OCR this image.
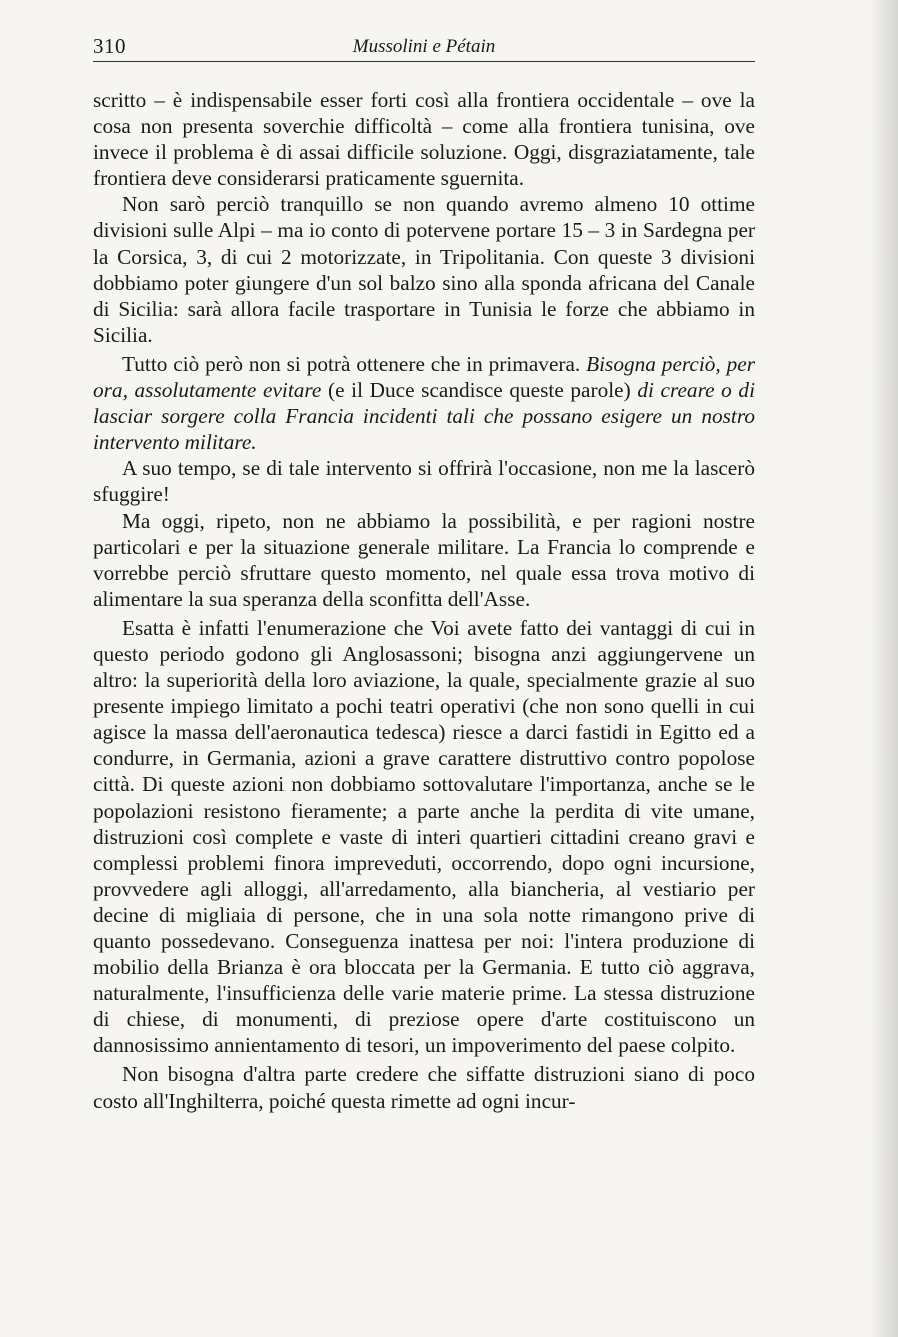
310	Mussolini e Pétain

scritto – è indispensabile esser forti così alla frontiera occidentale – ove la cosa non presenta soverchie difficoltà – come alla frontiera tunisina, ove invece il problema è di assai difficile soluzione. Oggi, disgraziatamente, tale frontiera deve considerarsi praticamente sguernita.

Non sarò perciò tranquillo se non quando avremo almeno 10 ottime divisioni sulle Alpi – ma io conto di potervene portare 15 – 3 in Sardegna per la Corsica, 3, di cui 2 motorizzate, in Tripolitania. Con queste 3 divisioni dobbiamo poter giungere d'un sol balzo sino alla sponda africana del Canale di Sicilia: sarà allora facile trasportare in Tunisia le forze che abbiamo in Sicilia.

Tutto ciò però non si potrà ottenere che in primavera. Bisogna perciò, per ora, assolutamente evitare (e il Duce scandisce queste parole) di creare o di lasciar sorgere colla Francia incidenti tali che possano esigere un nostro intervento militare.

A suo tempo, se di tale intervento si offrirà l'occasione, non me la lascerò sfuggire!

Ma oggi, ripeto, non ne abbiamo la possibilità, e per ragioni nostre particolari e per la situazione generale militare. La Francia lo comprende e vorrebbe perciò sfruttare questo momento, nel quale essa trova motivo di alimentare la sua speranza della sconfitta dell'Asse.

Esatta è infatti l'enumerazione che Voi avete fatto dei vantaggi di cui in questo periodo godono gli Anglosassoni; bisogna anzi aggiungervene un altro: la superiorità della loro aviazione, la quale, specialmente grazie al suo presente impiego limitato a pochi teatri operativi (che non sono quelli in cui agisce la massa dell'aeronautica tedesca) riesce a darci fastidi in Egitto ed a condurre, in Germania, azioni a grave carattere distruttivo contro popolose città. Di queste azioni non dobbiamo sottovalutare l'importanza, anche se le popolazioni resistono fieramente; a parte anche la perdita di vite umane, distruzioni così complete e vaste di interi quartieri cittadini creano gravi e complessi problemi finora impreveduti, occorrendo, dopo ogni incursione, provvedere agli alloggi, all'arredamento, alla biancheria, al vestiario per decine di migliaia di persone, che in una sola notte rimangono prive di quanto possedevano. Conseguenza inattesa per noi: l'intera produzione di mobilio della Brianza è ora bloccata per la Germania. E tutto ciò aggrava, naturalmente, l'insufficienza delle varie materie prime. La stessa distruzione di chiese, di monumenti, di preziose opere d'arte costituiscono un dannosissimo annientamento di tesori, un impoverimento del paese colpito.

Non bisogna d'altra parte credere che siffatte distruzioni siano di poco costo all'Inghilterra, poiché questa rimette ad ogni incur-
